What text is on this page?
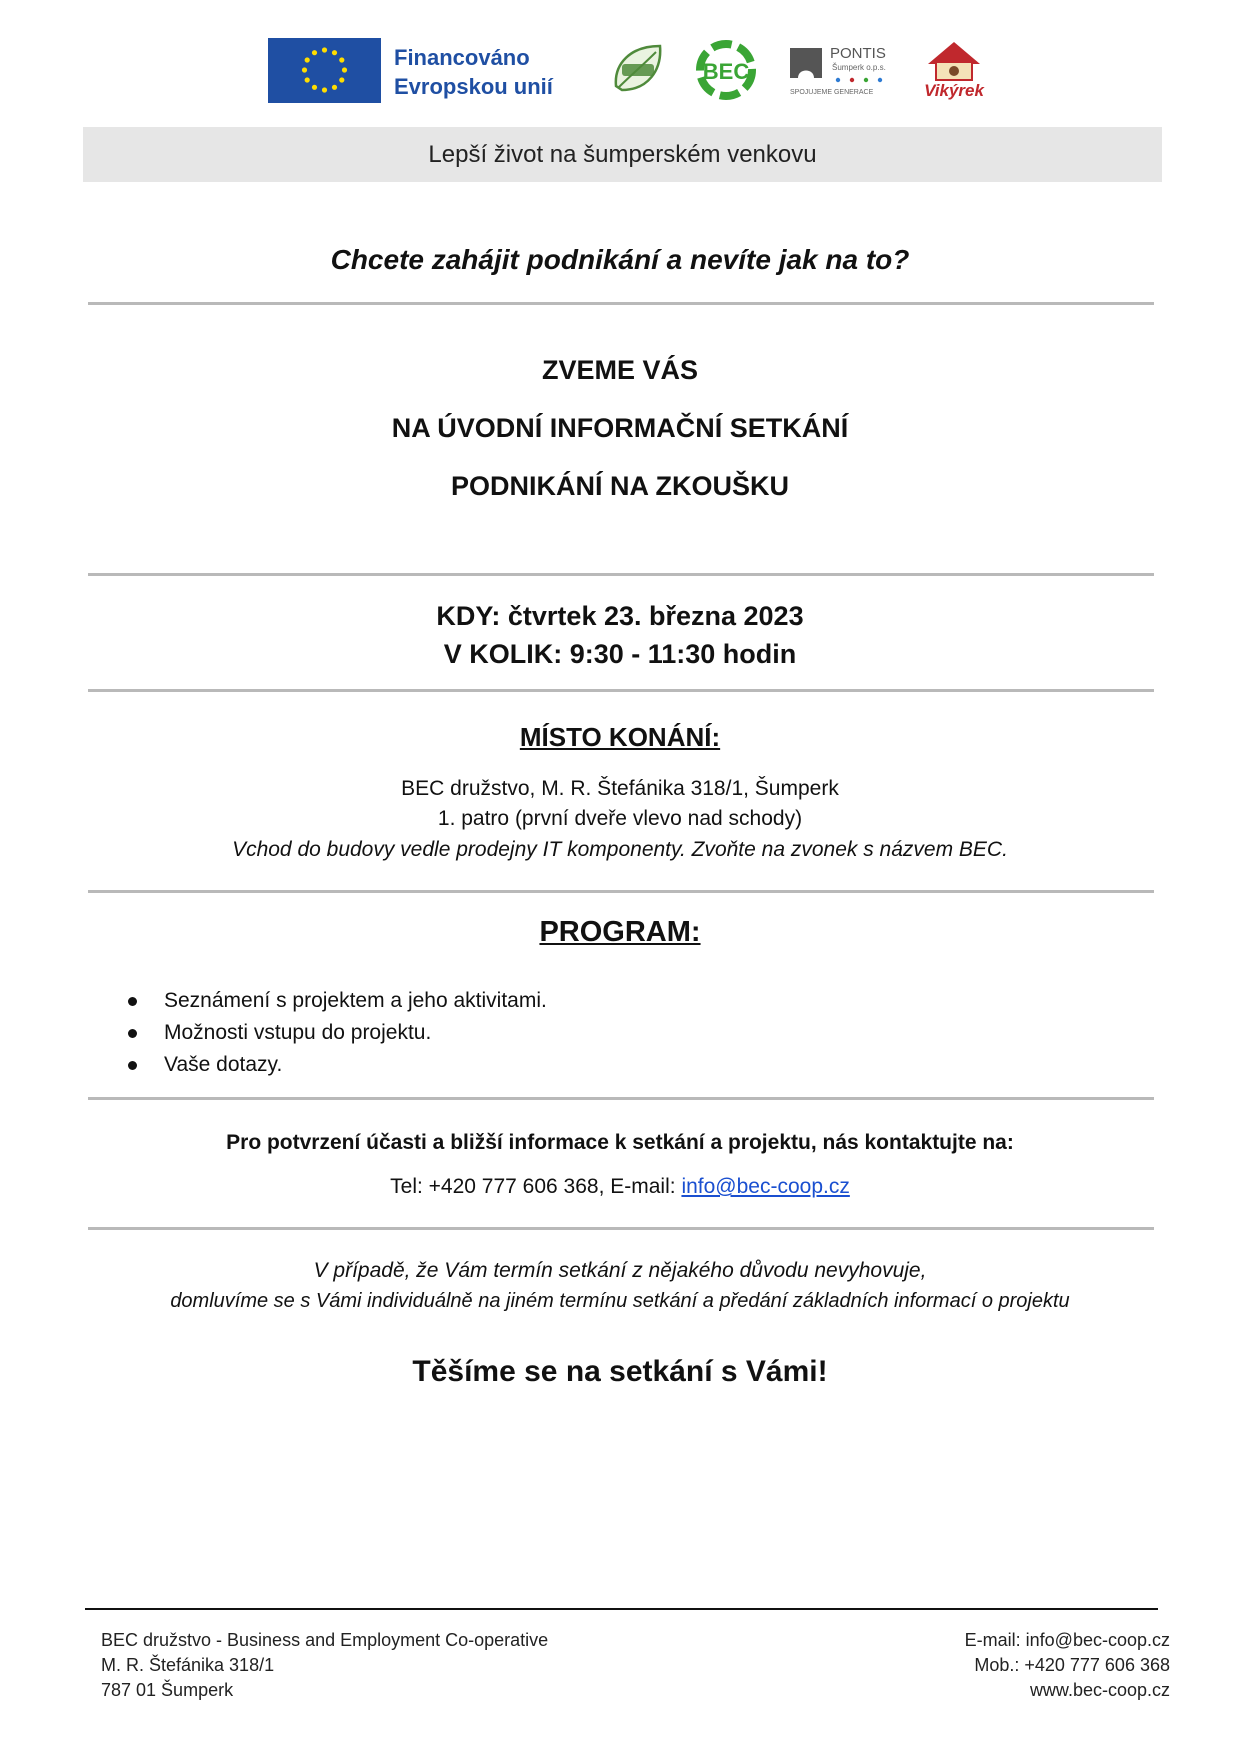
Financováno
Evropskou unií
BEC
PONTIS
Šumperk o.p.s.
SPOJUJEME GENERACE	Vikýrek
Lepší život na šumperském venkovu
Chcete zahájit podnikání a nevíte jak na to?
ZVEME VÁS
NA ÚVODNÍ INFORMAČNÍ SETKÁNÍ
PODNIKÁNÍ NA ZKOUŠKU
KDY: čtvrtek 23. března 2023
V KOLIK: 9:30 - 11:30 hodin
MÍSTO KONÁNÍ:
BEC družstvo, M. R. Štefánika 318/1, Šumperk
1. patro (první dveře vlevo nad schody)
Vchod do budovy vedle prodejny IT komponenty. Zvoňte na zvonek s názvem BEC.
PROGRAM:
Seznámení s projektem a jeho aktivitami.
Možnosti vstupu do projektu.
Vaše dotazy.
Pro potvrzení účasti a bližší informace k setkání a projektu, nás kontaktujte na:
Tel: +420 777 606 368, E-mail: info@bec-coop.cz
V případě, že Vám termín setkání z nějakého důvodu nevyhovuje,
domluvíme se s Vámi individuálně na jiném termínu setkání a předání základních informací o projektu
Těšíme se na setkání s Vámi!
BEC družstvo - Business and Employment Co-operative
M. R. Štefánika 318/1
787 01 Šumperk
E-mail: info@bec-coop.cz
Mob.: +420 777 606 368
www.bec-coop.cz
